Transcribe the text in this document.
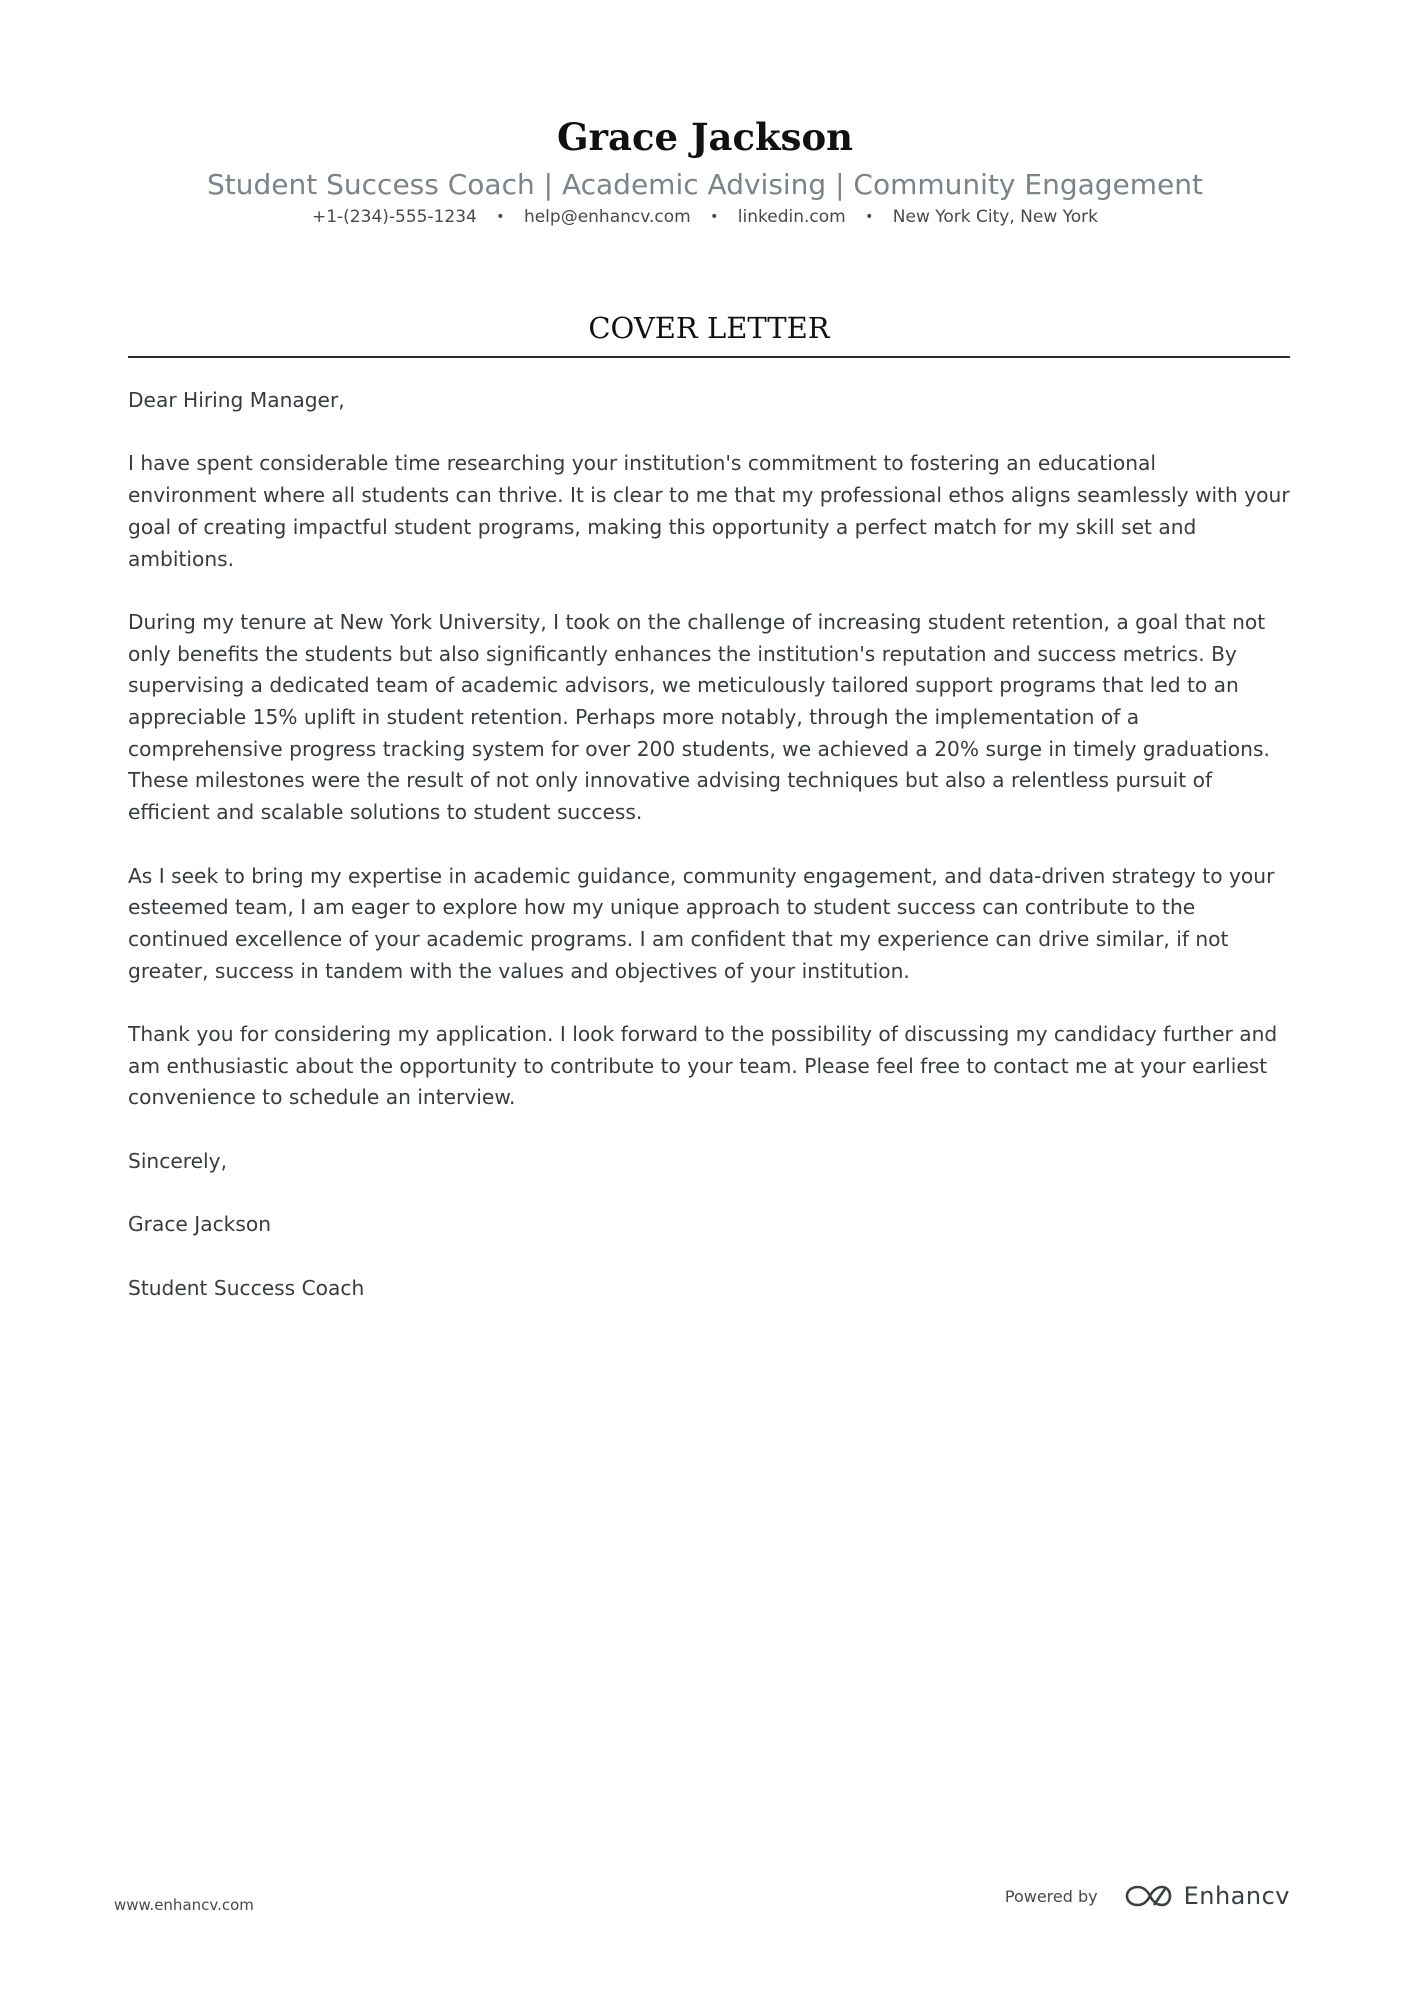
Grace Jackson
Student Success Coach | Academic Advising | Community Engagement
+1-(234)-555-1234 • help@enhancv.com • linkedin.com • New York City, New York
COVER LETTER

Dear Hiring Manager,

I have spent considerable time researching your institution's commitment to fostering an educational environment where all students can thrive. It is clear to me that my professional ethos aligns seamlessly with your goal of creating impactful student programs, making this opportunity a perfect match for my skill set and ambitions.

During my tenure at New York University, I took on the challenge of increasing student retention, a goal that not only benefits the students but also significantly enhances the institution's reputation and success metrics. By supervising a dedicated team of academic advisors, we meticulously tailored support programs that led to an appreciable 15% uplift in student retention. Perhaps more notably, through the implementation of a comprehensive progress tracking system for over 200 students, we achieved a 20% surge in timely graduations. These milestones were the result of not only innovative advising techniques but also a relentless pursuit of efficient and scalable solutions to student success.

As I seek to bring my expertise in academic guidance, community engagement, and data-driven strategy to your esteemed team, I am eager to explore how my unique approach to student success can contribute to the continued excellence of your academic programs. I am confident that my experience can drive similar, if not greater, success in tandem with the values and objectives of your institution.

Thank you for considering my application. I look forward to the possibility of discussing my candidacy further and am enthusiastic about the opportunity to contribute to your team. Please feel free to contact me at your earliest convenience to schedule an interview.

Sincerely,

Grace Jackson

Student Success Coach

www.enhancv.com	Powered by	Enhancv
